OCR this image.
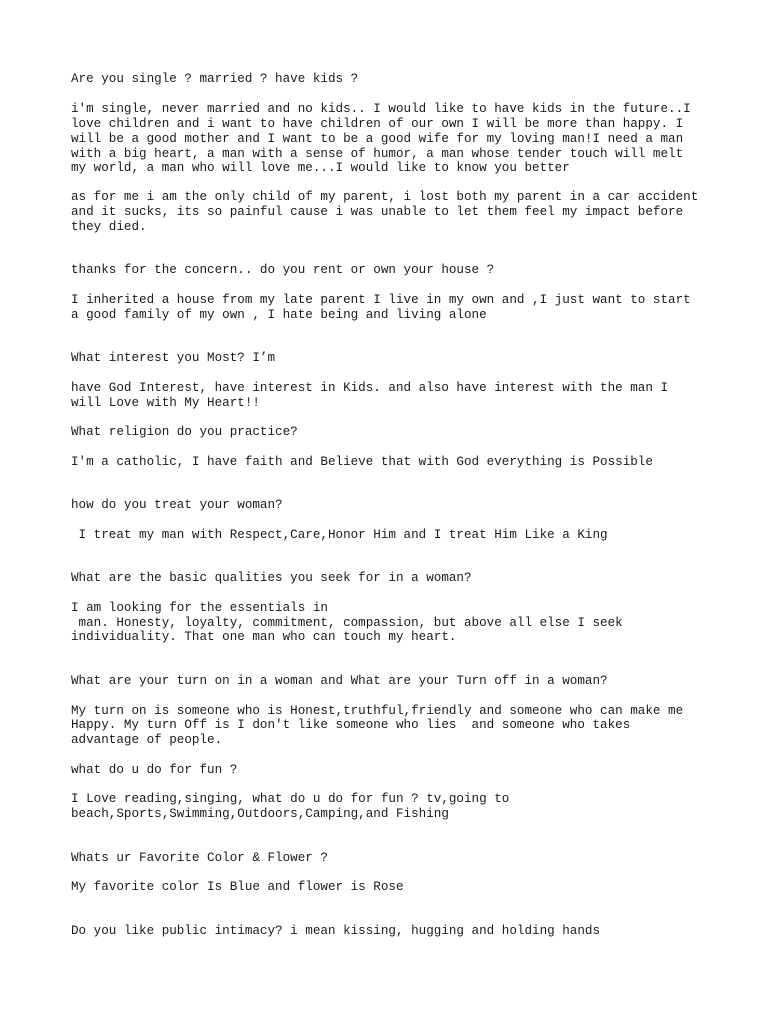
Are you single ? married ? have kids ?

i'm single, never married and no kids.. I would like to have kids in the future..I

love children and i want to have children of our own I will be more than happy. I

will be a good mother and I want to be a good wife for my loving man!I need a man

with a big heart, a man with a sense of humor, a man whose tender touch will melt

my world, a man who will love me...I would like to know you better

as for me i am the only child of my parent, i lost both my parent in a car accident

and it sucks, its so painful cause i was unable to let them feel my impact before

they died.

thanks for the concern.. do you rent or own your house ?

I inherited a house from my late parent I live in my own and ,I just want to start

a good family of my own , I hate being and living alone

What interest you Most? I’m

have God Interest, have interest in Kids. and also have interest with the man I

will Love with My Heart!!

What religion do you practice?

I'm a catholic, I have faith and Believe that with God everything is Possible

how do you treat your woman?

I treat my man with Respect,Care,Honor Him and I treat Him Like a King

What are the basic qualities you seek for in a woman?

I am looking for the essentials in

man. Honesty, loyalty, commitment, compassion, but above all else I seek

individuality. That one man who can touch my heart.

What are your turn on in a woman and What are your Turn off in a woman?

My turn on is someone who is Honest,truthful,friendly and someone who can make me

Happy. My turn Off is I don't like someone who lies  and someone who takes

advantage of people.

what do u do for fun ?

I Love reading,singing, what do u do for fun ? tv,going to

beach,Sports,Swimming,Outdoors,Camping,and Fishing

Whats ur Favorite Color & Flower ?

My favorite color Is Blue and flower is Rose

Do you like public intimacy? i mean kissing, hugging and holding hands
